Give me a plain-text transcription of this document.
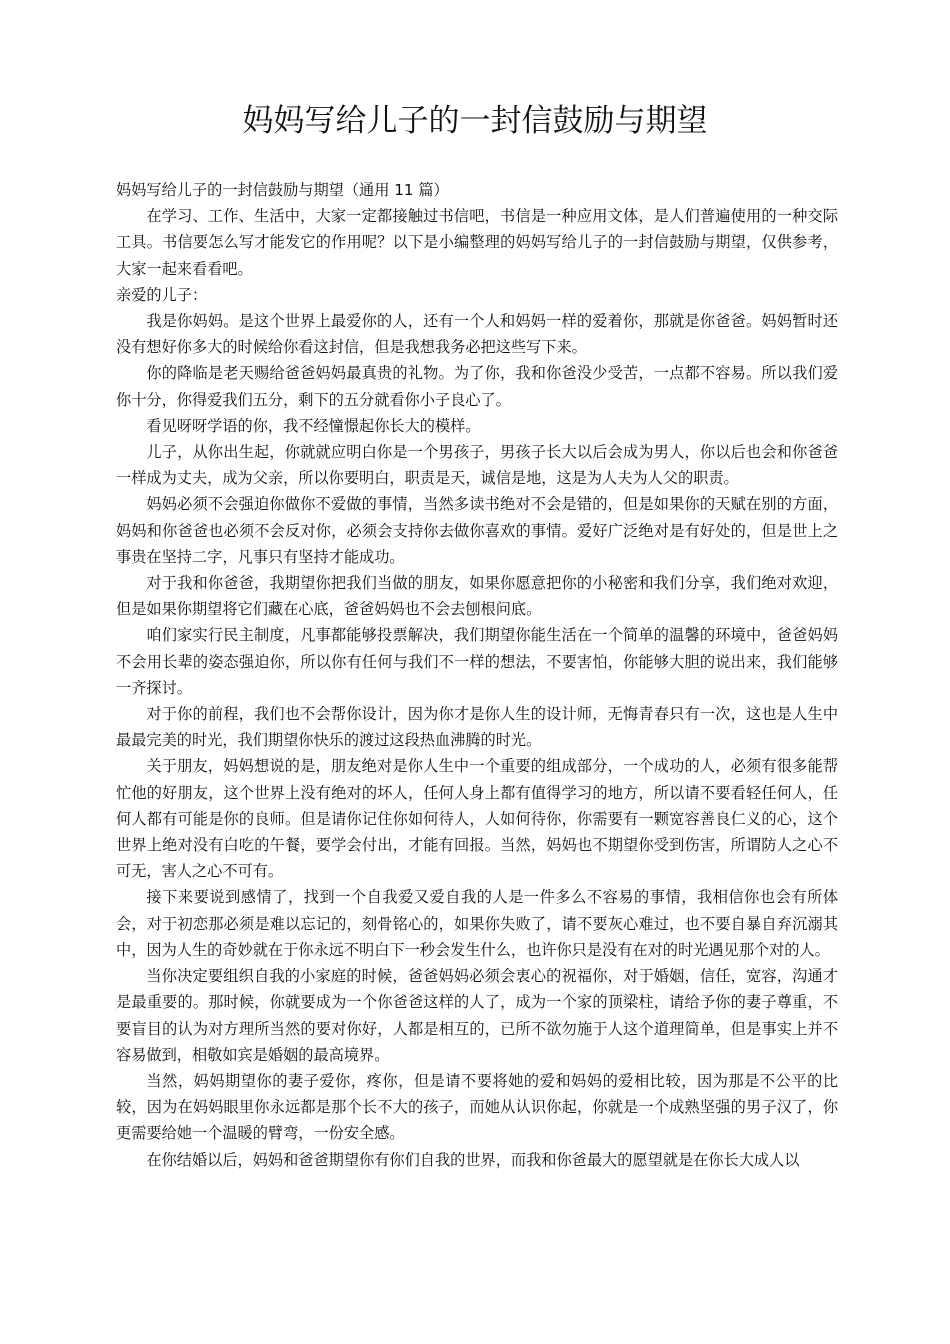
妈妈写给儿子的一封信鼓励与期望

妈妈写给儿子的一封信鼓励与期望（通用 11 篇）

在学习、工作、生活中，大家一定都接触过书信吧，书信是一种应用文体，是人们普遍使用的一种交际工具。书信要怎么写才能发它的作用呢？以下是小编整理的妈妈写给儿子的一封信鼓励与期望，仅供参考，大家一起来看看吧。

亲爱的儿子：

我是你妈妈。是这个世界上最爱你的人，还有一个人和妈妈一样的爱着你，那就是你爸爸。妈妈暂时还没有想好你多大的时候给你看这封信，但是我想我务必把这些写下来。

你的降临是老天赐给爸爸妈妈最真贵的礼物。为了你，我和你爸没少受苦，一点都不容易。所以我们爱你十分，你得爱我们五分，剩下的五分就看你小子良心了。

看见呀呀学语的你，我不经憧憬起你长大的模样。

儿子，从你出生起，你就就应明白你是一个男孩子，男孩子长大以后会成为男人，你以后也会和你爸爸一样成为丈夫，成为父亲，所以你要明白，职责是天，诚信是地，这是为人夫为人父的职责。

妈妈必须不会强迫你做你不爱做的事情，当然多读书绝对不会是错的，但是如果你的天赋在别的方面，妈妈和你爸爸也必须不会反对你，必须会支持你去做你喜欢的事情。爱好广泛绝对是有好处的，但是世上之事贵在坚持二字，凡事只有坚持才能成功。

对于我和你爸爸，我期望你把我们当做的朋友，如果你愿意把你的小秘密和我们分享，我们绝对欢迎，但是如果你期望将它们藏在心底，爸爸妈妈也不会去刨根问底。

咱们家实行民主制度，凡事都能够投票解决，我们期望你能生活在一个简单的温馨的环境中，爸爸妈妈不会用长辈的姿态强迫你，所以你有任何与我们不一样的想法，不要害怕，你能够大胆的说出来，我们能够一齐探讨。

对于你的前程，我们也不会帮你设计，因为你才是你人生的设计师，无悔青春只有一次，这也是人生中最最完美的时光，我们期望你快乐的渡过这段热血沸腾的时光。

关于朋友，妈妈想说的是，朋友绝对是你人生中一个重要的组成部分，一个成功的人，必须有很多能帮忙他的好朋友，这个世界上没有绝对的坏人，任何人身上都有值得学习的地方，所以请不要看轻任何人，任何人都有可能是你的良师。但是请你记住你如何待人，人如何待你，你需要有一颗宽容善良仁义的心，这个世界上绝对没有白吃的午餐，要学会付出，才能有回报。当然，妈妈也不期望你受到伤害，所谓防人之心不可无，害人之心不可有。

接下来要说到感情了，找到一个自我爱又爱自我的人是一件多么不容易的事情，我相信你也会有所体会，对于初恋那必须是难以忘记的，刻骨铭心的，如果你失败了，请不要灰心难过，也不要自暴自弃沉溺其中，因为人生的奇妙就在于你永远不明白下一秒会发生什么，也许你只是没有在对的时光遇见那个对的人。

当你决定要组织自我的小家庭的时候，爸爸妈妈必须会衷心的祝福你，对于婚姻，信任，宽容，沟通才是最重要的。那时候，你就要成为一个你爸爸这样的人了，成为一个家的顶梁柱，请给予你的妻子尊重，不要盲目的认为对方理所当然的要对你好，人都是相互的，已所不欲勿施于人这个道理简单，但是事实上并不容易做到，相敬如宾是婚姻的最高境界。

当然，妈妈期望你的妻子爱你，疼你，但是请不要将她的爱和妈妈的爱相比较，因为那是不公平的比较，因为在妈妈眼里你永远都是那个长不大的孩子，而她从认识你起，你就是一个成熟坚强的男子汉了，你更需要给她一个温暖的臂弯，一份安全感。

在你结婚以后，妈妈和爸爸期望你有你们自我的世界，而我和你爸最大的愿望就是在你长大成人以
